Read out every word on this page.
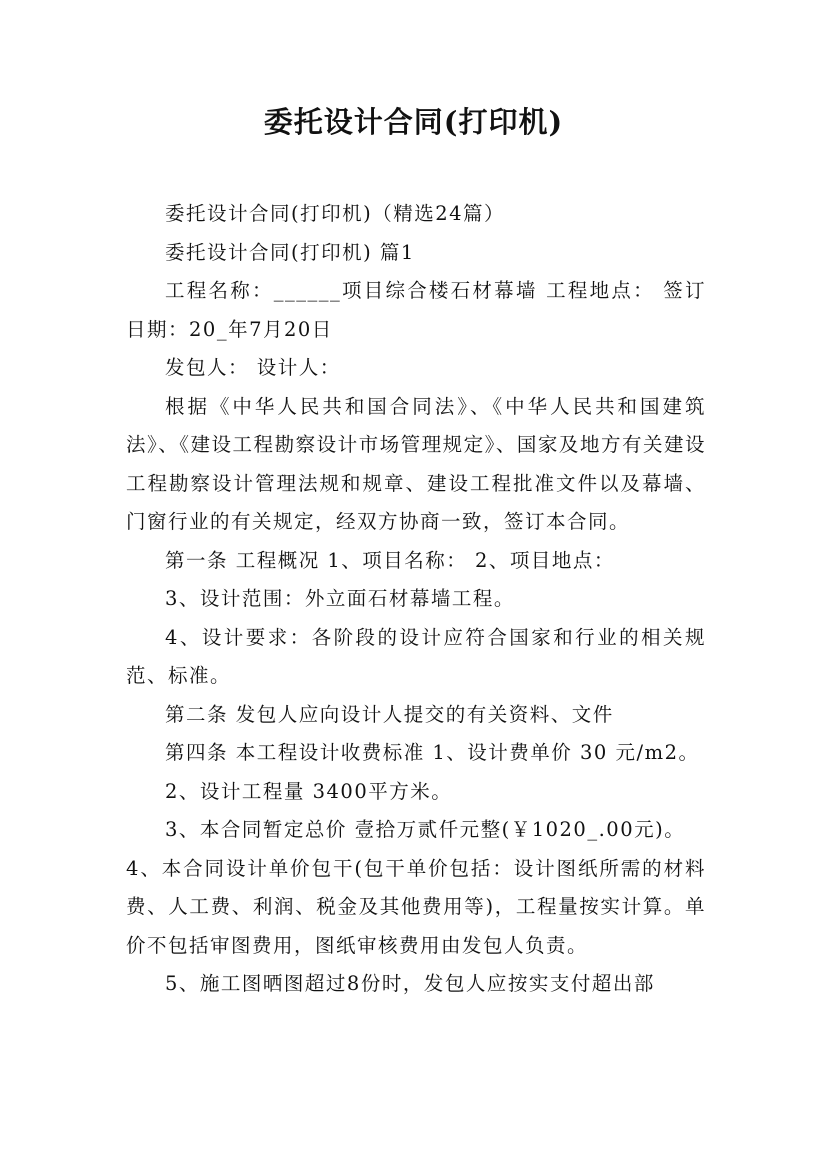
委托设计合同(打印机)

委托设计合同(打印机)（精选24篇）

委托设计合同(打印机) 篇1

工程名称：______项目综合楼石材幕墙 工程地点： 签订日期：20_年7月20日

发包人： 设计人：

根据《中华人民共和国合同法》、《中华人民共和国建筑法》、《建设工程勘察设计市场管理规定》、国家及地方有关建设工程勘察设计管理法规和规章、建设工程批准文件以及幕墙、门窗行业的有关规定，经双方协商一致，签订本合同。

第一条 工程概况 1、项目名称： 2、项目地点：

3、设计范围：外立面石材幕墙工程。

4、设计要求：各阶段的设计应符合国家和行业的相关规范、标准。

第二条 发包人应向设计人提交的有关资料、文件

第四条 本工程设计收费标准 1、设计费单价 30 元/m2。

2、设计工程量 3400平方米。

3、本合同暂定总价 壹拾万贰仟元整(￥1020_.00元)。

4、本合同设计单价包干(包干单价包括：设计图纸所需的材料费、人工费、利润、税金及其他费用等)，工程量按实计算。单价不包括审图费用，图纸审核费用由发包人负责。

5、施工图晒图超过8份时，发包人应按实支付超出部
